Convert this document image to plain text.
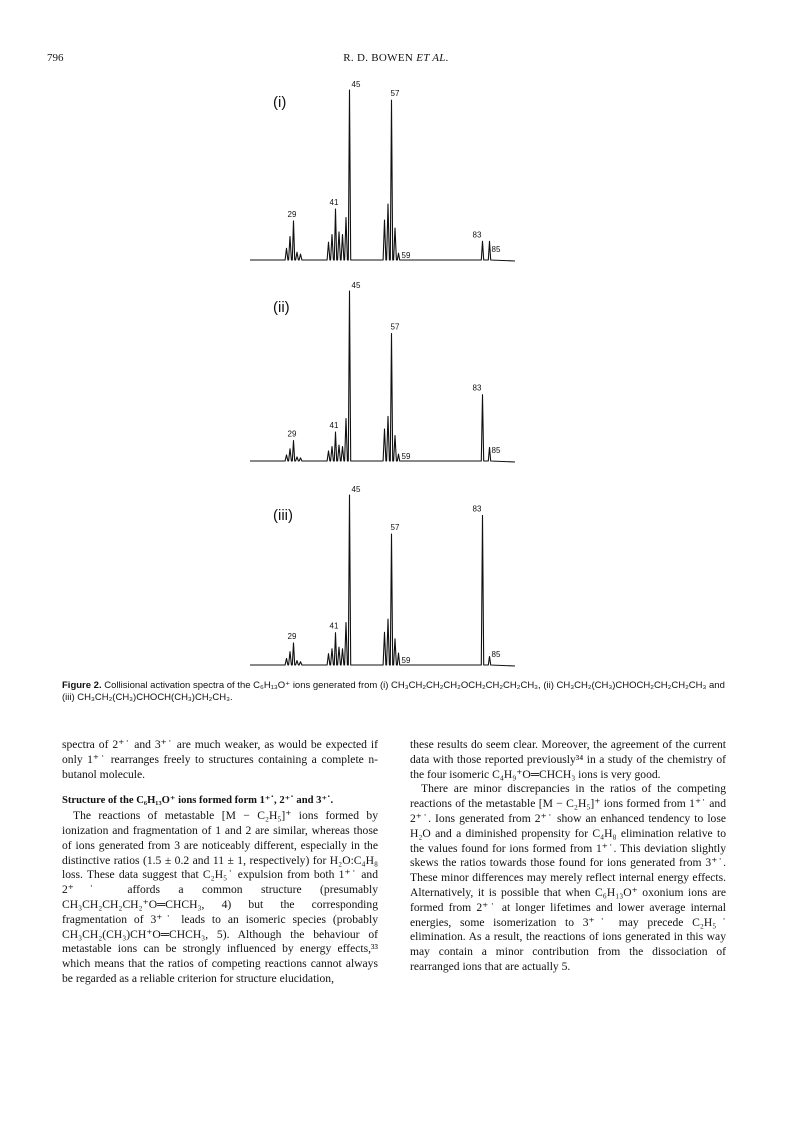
796	R. D. BOWEN ET AL.
(i)
29
41
45
57
59
83
85
(ii)
29
41
45
57
59
83
85
(iii)
29
41
45
57
59
83
85
Figure 2. Collisional activation spectra of the C₆H₁₃O⁺ ions generated from (i) CH₃CH₂CH₂CH₂OCH₂CH₂CH₂CH₃, (ii) CH₃CH₂(CH₃)CHOCH₂CH₂CH₂CH₃ and (iii) CH₃CH₂(CH₃)CHOCH(CH₃)CH₂CH₃.

spectra of 2⁺˙ and 3⁺˙ are much weaker, as would be expected if only 1⁺˙ rearranges freely to structures containing a complete n-butanol molecule.

Structure of the C₆H₁₃O⁺ ions formed form 1⁺˙, 2⁺˙ and 3⁺˙.

The reactions of metastable [M − C₂H₅]⁺ ions formed by ionization and fragmentation of 1 and 2 are similar, whereas those of ions generated from 3 are noticeably different, especially in the distinctive ratios (1.5 ± 0.2 and 11 ± 1, respectively) for H₂O:C₄H₈ loss. These data suggest that C₂H₅˙ expulsion from both 1⁺˙ and 2⁺˙ affords a common structure (presumably CH₃CH₂CH₂CH₂⁺O═CHCH₃, 4) but the corresponding fragmentation of 3⁺˙ leads to an isomeric species (probably CH₃CH₂(CH₃)CH⁺O═CHCH₃, 5). Although the behaviour of metastable ions can be strongly influenced by energy effects,³³ which means that the ratios of competing reactions cannot always be regarded as a reliable criterion for structure elucidation,

these results do seem clear. Moreover, the agreement of the current data with those reported previously³⁴ in a study of the chemistry of the four isomeric C₄H₉⁺O═CHCH₃ ions is very good.

There are minor discrepancies in the ratios of the competing reactions of the metastable [M − C₂H₅]⁺ ions formed from 1⁺˙ and 2⁺˙. Ions generated from 2⁺˙ show an enhanced tendency to lose H₂O and a diminished propensity for C₄H₈ elimination relative to the values found for ions formed from 1⁺˙. This deviation slightly skews the ratios towards those found for ions generated from 3⁺˙. These minor differences may merely reflect internal energy effects. Alternatively, it is possible that when C₆H₁₃O⁺ oxonium ions are formed from 2⁺˙ at longer lifetimes and lower average internal energies, some isomerization to 3⁺˙ may precede C₂H₅˙ elimination. As a result, the reactions of ions generated in this way may contain a minor contribution from the dissociation of rearranged ions that are actually 5.
